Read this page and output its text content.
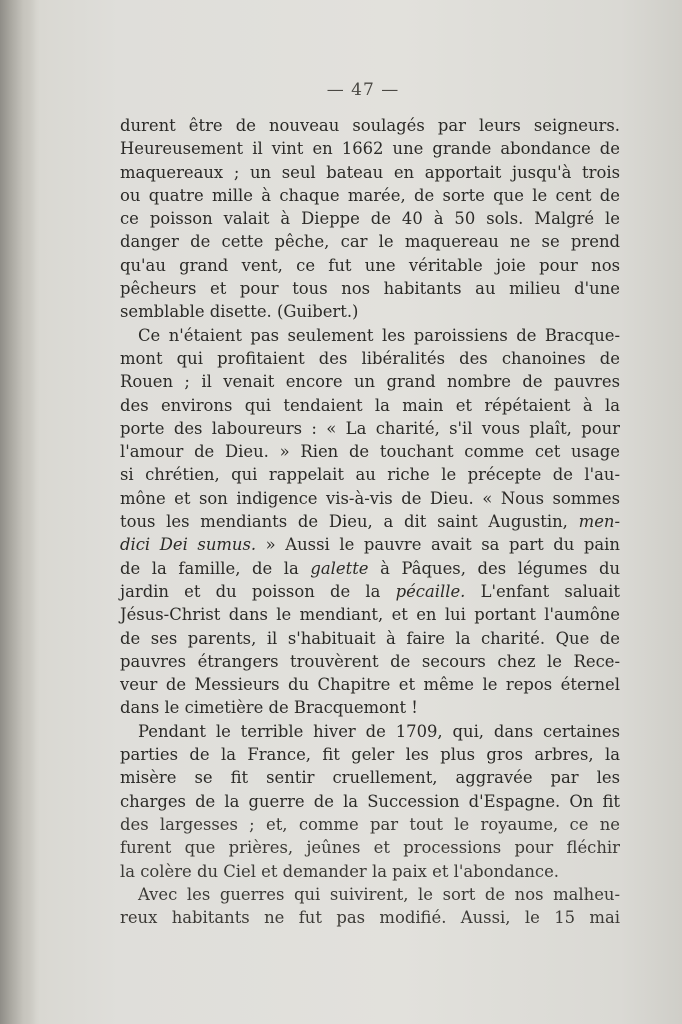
— 47 —
durent être de nouveau soulagés par leurs seigneurs.
Heureusement il vint en 1662 une grande abondance de
maquereaux ; un seul bateau en apportait jusqu'à trois
ou quatre mille à chaque marée, de sorte que le cent de
ce poisson valait à Dieppe de 40 à 50 sols. Malgré le
danger de cette pêche, car le maquereau ne se prend
qu'au grand vent, ce fut une véritable joie pour nos
pêcheurs et pour tous nos habitants au milieu d'une
semblable disette. (Guibert.)
Ce n'étaient pas seulement les paroissiens de Bracque-
mont qui profitaient des libéralités des chanoines de
Rouen ; il venait encore un grand nombre de pauvres
des environs qui tendaient la main et répétaient à la
porte des laboureurs : « La charité, s'il vous plaît, pour
l'amour de Dieu. » Rien de touchant comme cet usage
si chrétien, qui rappelait au riche le précepte de l'au-
mône et son indigence vis-à-vis de Dieu. « Nous sommes
tous les mendiants de Dieu, a dit saint Augustin, men-
dici Dei sumus. » Aussi le pauvre avait sa part du pain
de la famille, de la galette à Pâques, des légumes du
jardin et du poisson de la pécaille. L'enfant saluait
Jésus-Christ dans le mendiant, et en lui portant l'aumône
de ses parents, il s'habituait à faire la charité. Que de
pauvres étrangers trouvèrent de secours chez le Rece-
veur de Messieurs du Chapitre et même le repos éternel
dans le cimetière de Bracquemont !
Pendant le terrible hiver de 1709, qui, dans certaines
parties de la France, fit geler les plus gros arbres, la
misère se fit sentir cruellement, aggravée par les
charges de la guerre de la Succession d'Espagne. On fit
des largesses ; et, comme par tout le royaume, ce ne
furent que prières, jeûnes et processions pour fléchir
la colère du Ciel et demander la paix et l'abondance.
Avec les guerres qui suivirent, le sort de nos malheu-
reux habitants ne fut pas modifié. Aussi, le 15 mai
